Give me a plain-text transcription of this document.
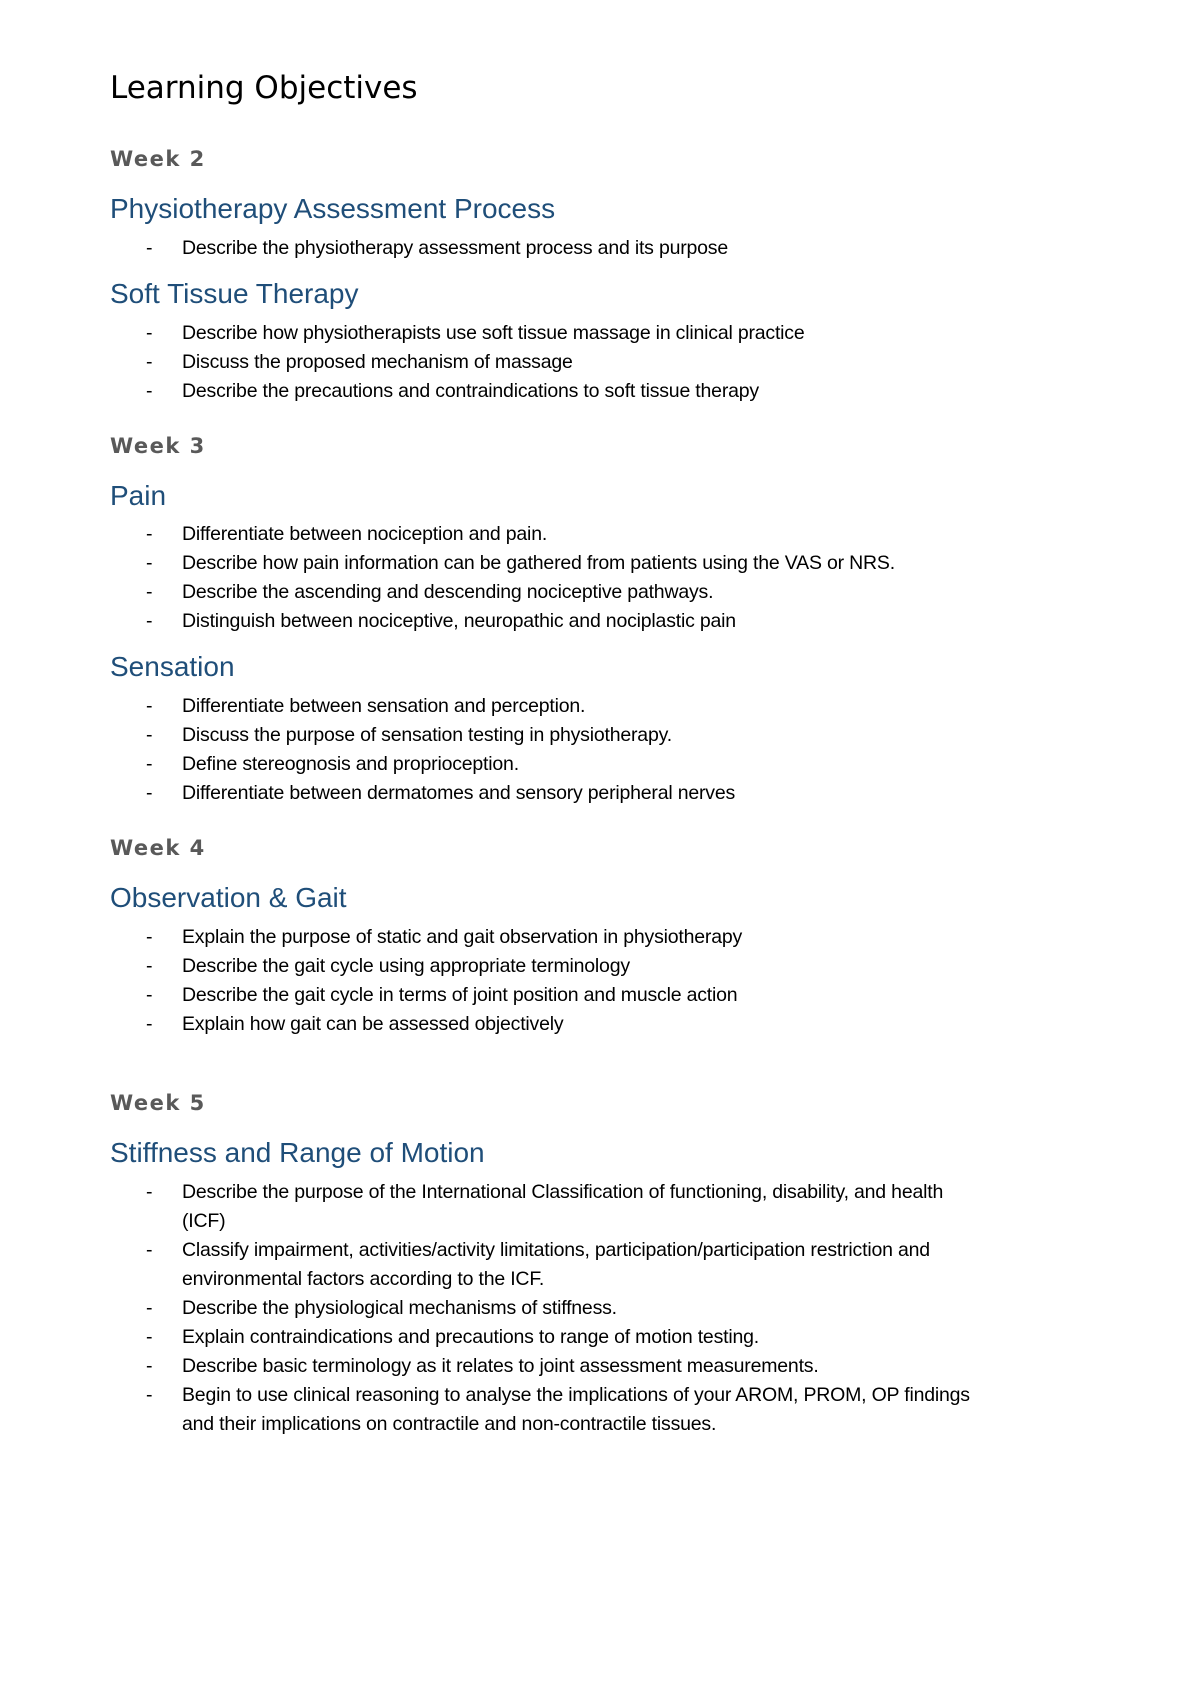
Learning Objectives
Week 2
Physiotherapy Assessment Process
- Describe the physiotherapy assessment process and its purpose
Soft Tissue Therapy
- Describe how physiotherapists use soft tissue massage in clinical practice
- Discuss the proposed mechanism of massage
- Describe the precautions and contraindications to soft tissue therapy
Week 3
Pain
- Differentiate between nociception and pain.
- Describe how pain information can be gathered from patients using the VAS or NRS.
- Describe the ascending and descending nociceptive pathways.
- Distinguish between nociceptive, neuropathic and nociplastic pain
Sensation
- Differentiate between sensation and perception.
- Discuss the purpose of sensation testing in physiotherapy.
- Define stereognosis and proprioception.
- Differentiate between dermatomes and sensory peripheral nerves
Week 4
Observation & Gait
- Explain the purpose of static and gait observation in physiotherapy
- Describe the gait cycle using appropriate terminology
- Describe the gait cycle in terms of joint position and muscle action
- Explain how gait can be assessed objectively
Week 5
Stiffness and Range of Motion
- Describe the purpose of the International Classification of functioning, disability, and health
(ICF)
- Classify impairment, activities/activity limitations, participation/participation restriction and
environmental factors according to the ICF.
- Describe the physiological mechanisms of stiffness.
- Explain contraindications and precautions to range of motion testing.
- Describe basic terminology as it relates to joint assessment measurements.
- Begin to use clinical reasoning to analyse the implications of your AROM, PROM, OP findings
and their implications on contractile and non-contractile tissues.
